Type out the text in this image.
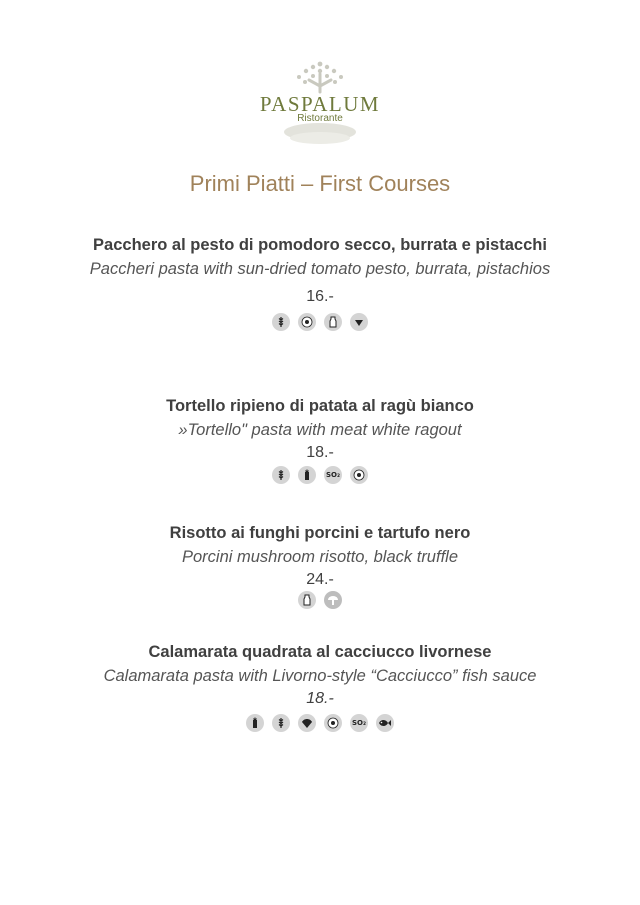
PASPALUM
Ristorante
Primi Piatti – First Courses
Pacchero al pesto di pomodoro secco, burrata e pistacchi
Paccheri pasta with sun-dried tomato pesto, burrata, pistachios
16.-
Tortello ripieno di patata al ragù bianco
»Tortello" pasta with meat white ragout
18.-
SO₂
Risotto ai funghi porcini e tartufo nero
Porcini mushroom risotto, black truffle
24.-
Calamarata quadrata al cacciucco livornese
Calamarata pasta with Livorno-style “Cacciucco” fish sauce
18.-
SO₂
